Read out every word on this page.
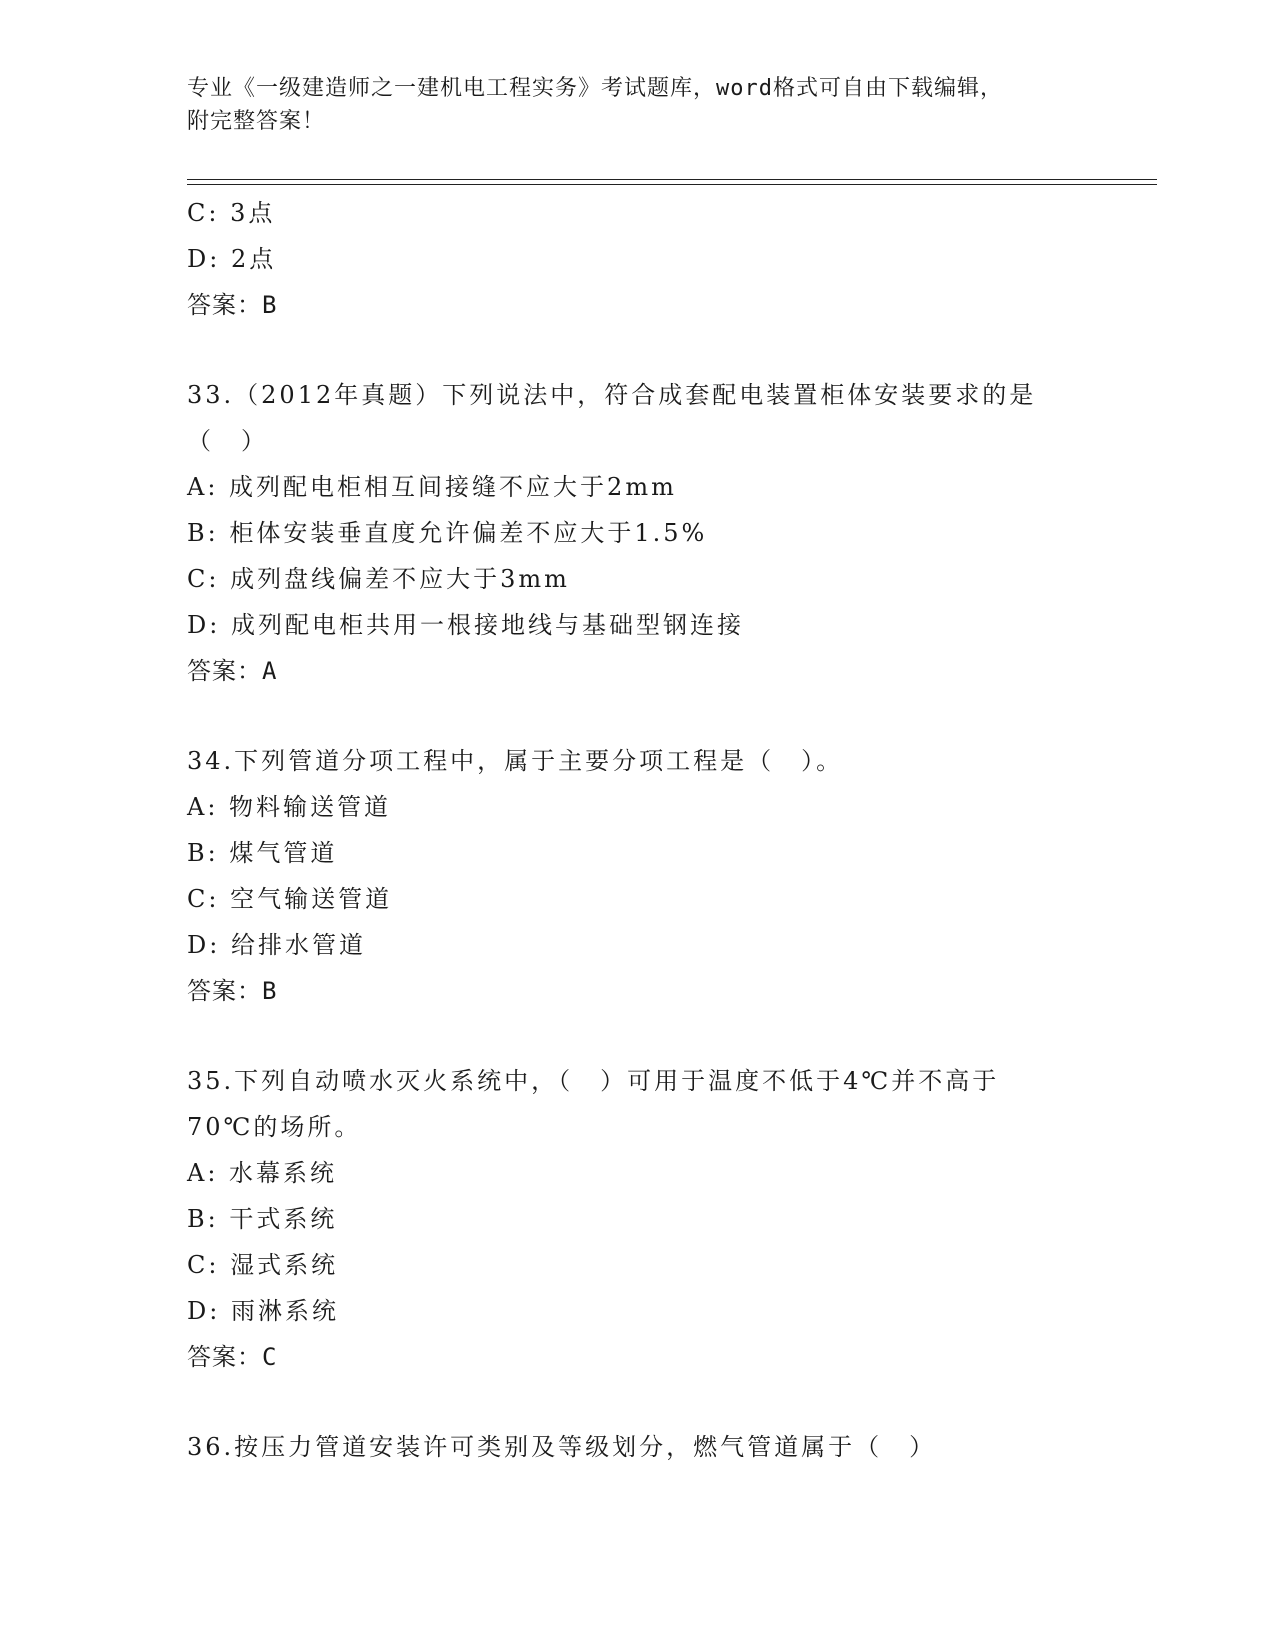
专业《一级建造师之一建机电工程实务》考试题库，word格式可自由下载编辑，
附完整答案！
C: 3点
D: 2点
答案：B
33.（2012年真题）下列说法中，符合成套配电装置柜体安装要求的是
（　）
A: 成列配电柜相互间接缝不应大于2mm
B: 柜体安装垂直度允许偏差不应大于1.5%
C: 成列盘线偏差不应大于3mm
D: 成列配电柜共用一根接地线与基础型钢连接
答案：A
34.下列管道分项工程中，属于主要分项工程是（　）。
A: 物料输送管道
B: 煤气管道
C: 空气输送管道
D: 给排水管道
答案：B
35.下列自动喷水灭火系统中，（　）可用于温度不低于4℃并不高于
70℃的场所。
A: 水幕系统
B: 干式系统
C: 湿式系统
D: 雨淋系统
答案：C
36.按压力管道安装许可类别及等级划分，燃气管道属于（　）
